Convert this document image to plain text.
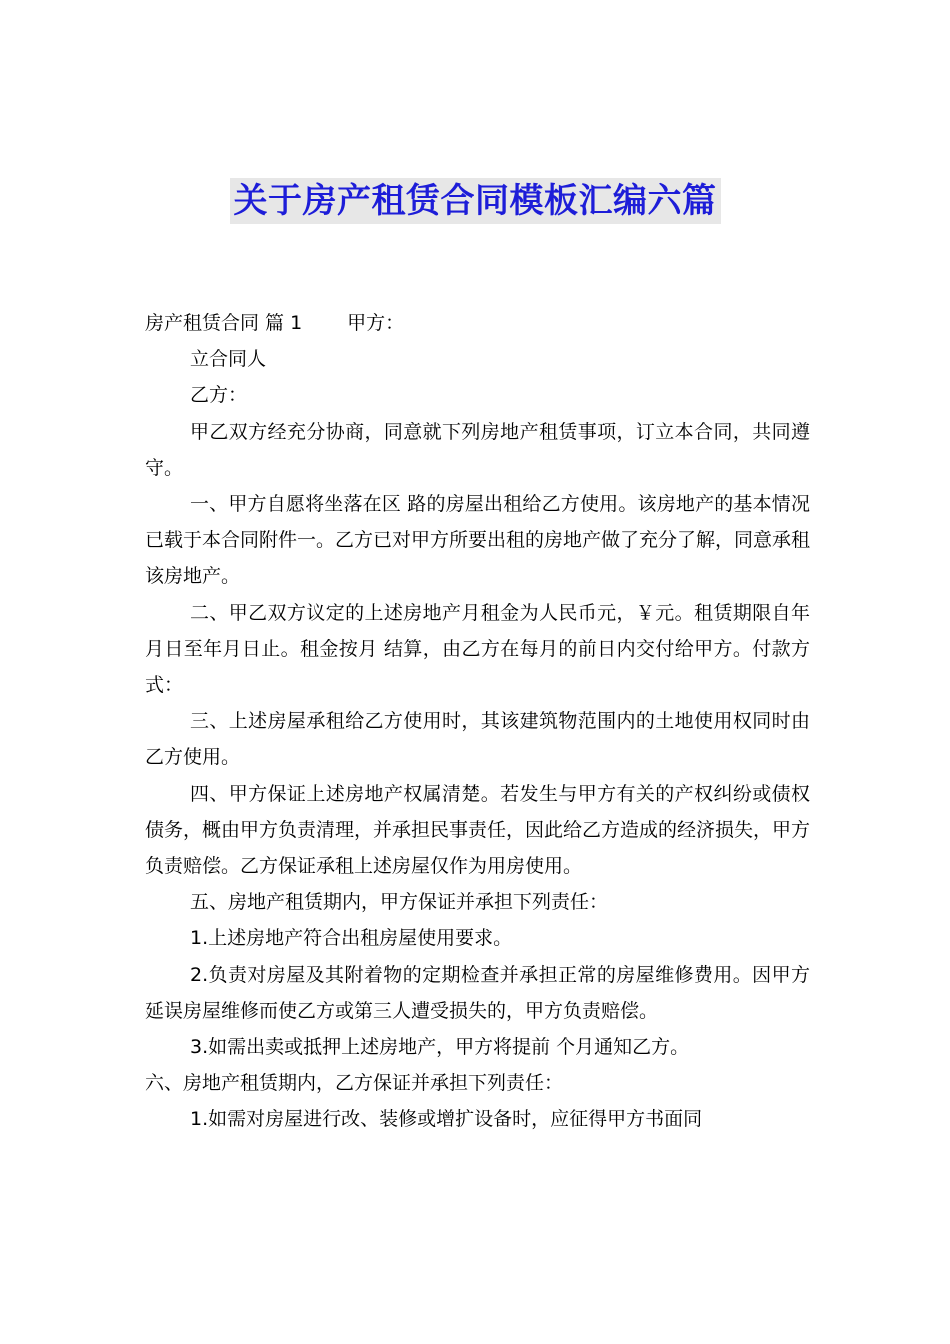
关于房产租赁合同模板汇编六篇

房产租赁合同 篇 1 甲方：

立合同人

乙方：

甲乙双方经充分协商，同意就下列房地产租赁事项，订立本合同，共同遵守。

一、甲方自愿将坐落在区 路的房屋出租给乙方使用。该房地产的基本情况已载于本合同附件一。乙方已对甲方所要出租的房地产做了充分了解，同意承租该房地产。

二、甲乙双方议定的上述房地产月租金为人民币元，￥元。租赁期限自年月日至年月日止。租金按月 结算，由乙方在每月的前日内交付给甲方。付款方式：

三、上述房屋承租给乙方使用时，其该建筑物范围内的土地使用权同时由乙方使用。

四、甲方保证上述房地产权属清楚。若发生与甲方有关的产权纠纷或债权债务，概由甲方负责清理，并承担民事责任，因此给乙方造成的经济损失，甲方负责赔偿。乙方保证承租上述房屋仅作为用房使用。

五、房地产租赁期内，甲方保证并承担下列责任：

1.上述房地产符合出租房屋使用要求。

2.负责对房屋及其附着物的定期检查并承担正常的房屋维修费用。因甲方延误房屋维修而使乙方或第三人遭受损失的，甲方负责赔偿。

3.如需出卖或抵押上述房地产，甲方将提前 个月通知乙方。

六、房地产租赁期内，乙方保证并承担下列责任：

1.如需对房屋进行改、装修或增扩设备时，应征得甲方书面同
